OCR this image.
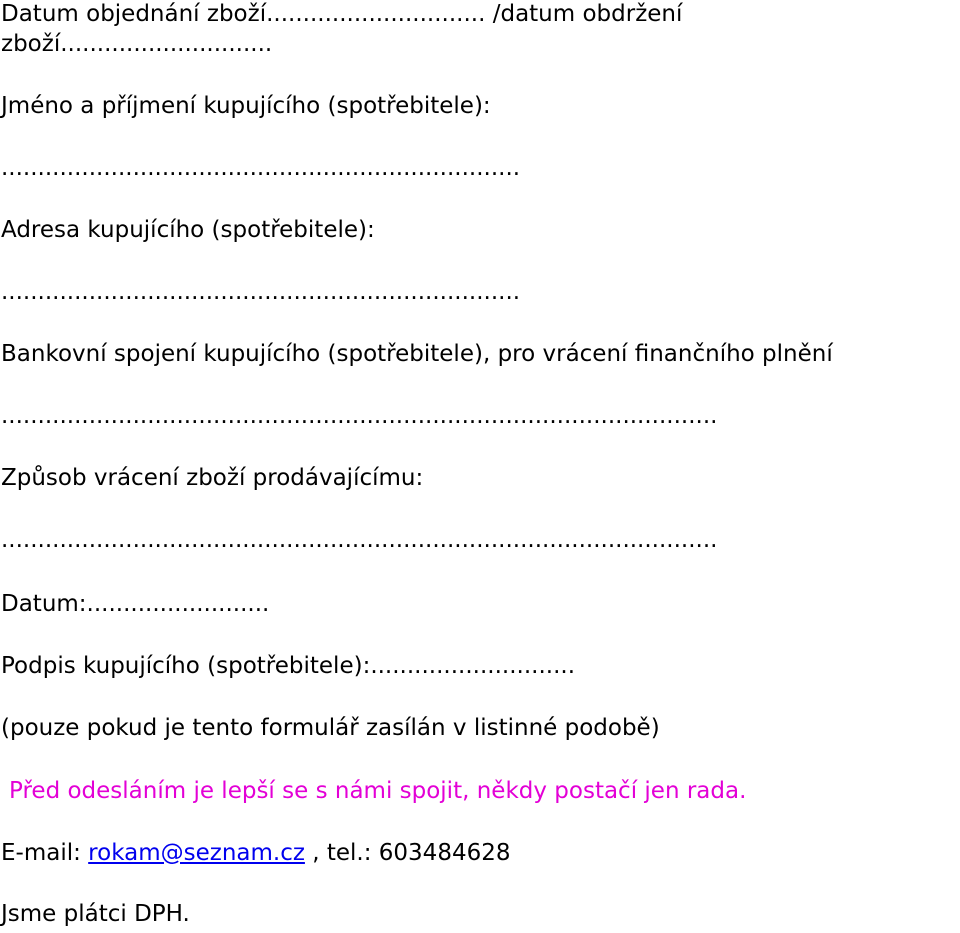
Datum objednání zboží.............................. /datum obdržení
zboží.............................
Jméno a příjmení kupujícího (spotřebitele):
.......................................................................
Adresa kupujícího (spotřebitele):
.......................................................................
Bankovní spojení kupujícího (spotřebitele), pro vrácení finančního plnění
..................................................................................................
Způsob vrácení zboží prodávajícímu:
..................................................................................................
Datum:.........................
Podpis kupujícího (spotřebitele):............................
(pouze pokud je tento formulář zasílán v listinné podobě)
Před odesláním je lepší se s námi spojit, někdy postačí jen rada.
E-mail: rokam@seznam.cz , tel.: 603484628
Jsme plátci DPH.
